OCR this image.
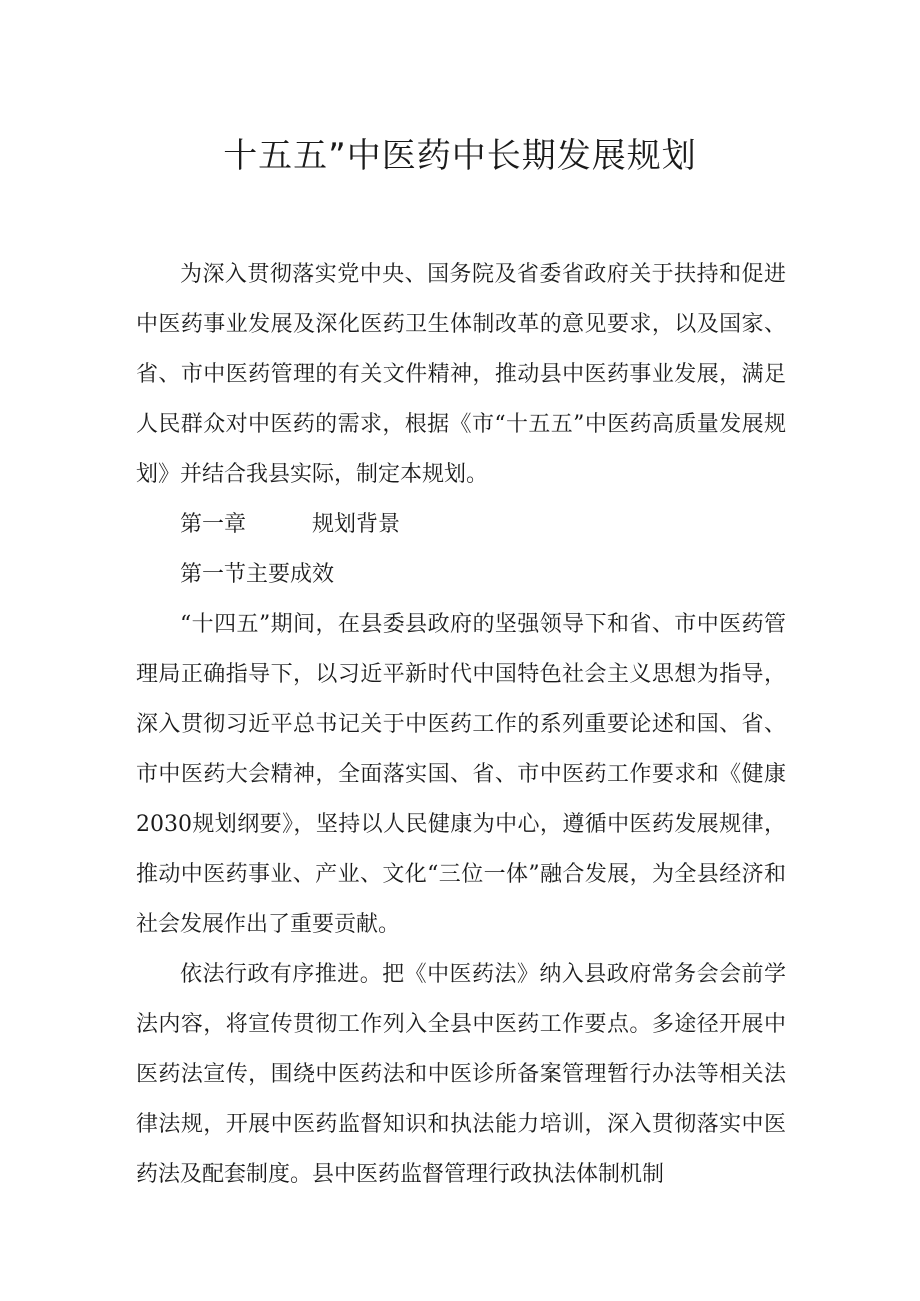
十五五”中医药中长期发展规划

为深入贯彻落实党中央、国务院及省委省政府关于扶持和促进中医药事业发展及深化医药卫生体制改革的意见要求，以及国家、省、市中医药管理的有关文件精神，推动县中医药事业发展，满足人民群众对中医药的需求，根据《市“十五五”中医药高质量发展规划》并结合我县实际，制定本规划。

第一章	规划背景

第一节主要成效

“十四五”期间，在县委县政府的坚强领导下和省、市中医药管理局正确指导下，以习近平新时代中国特色社会主义思想为指导，深入贯彻习近平总书记关于中医药工作的系列重要论述和国、省、市中医药大会精神，全面落实国、省、市中医药工作要求和《健康2030规划纲要》，坚持以人民健康为中心，遵循中医药发展规律，推动中医药事业、产业、文化“三位一体”融合发展，为全县经济和社会发展作出了重要贡献。

依法行政有序推进。把《中医药法》纳入县政府常务会会前学法内容，将宣传贯彻工作列入全县中医药工作要点。多途径开展中医药法宣传，围绕中医药法和中医诊所备案管理暂行办法等相关法律法规，开展中医药监督知识和执法能力培训，深入贯彻落实中医药法及配套制度。县中医药监督管理行政执法体制机制
